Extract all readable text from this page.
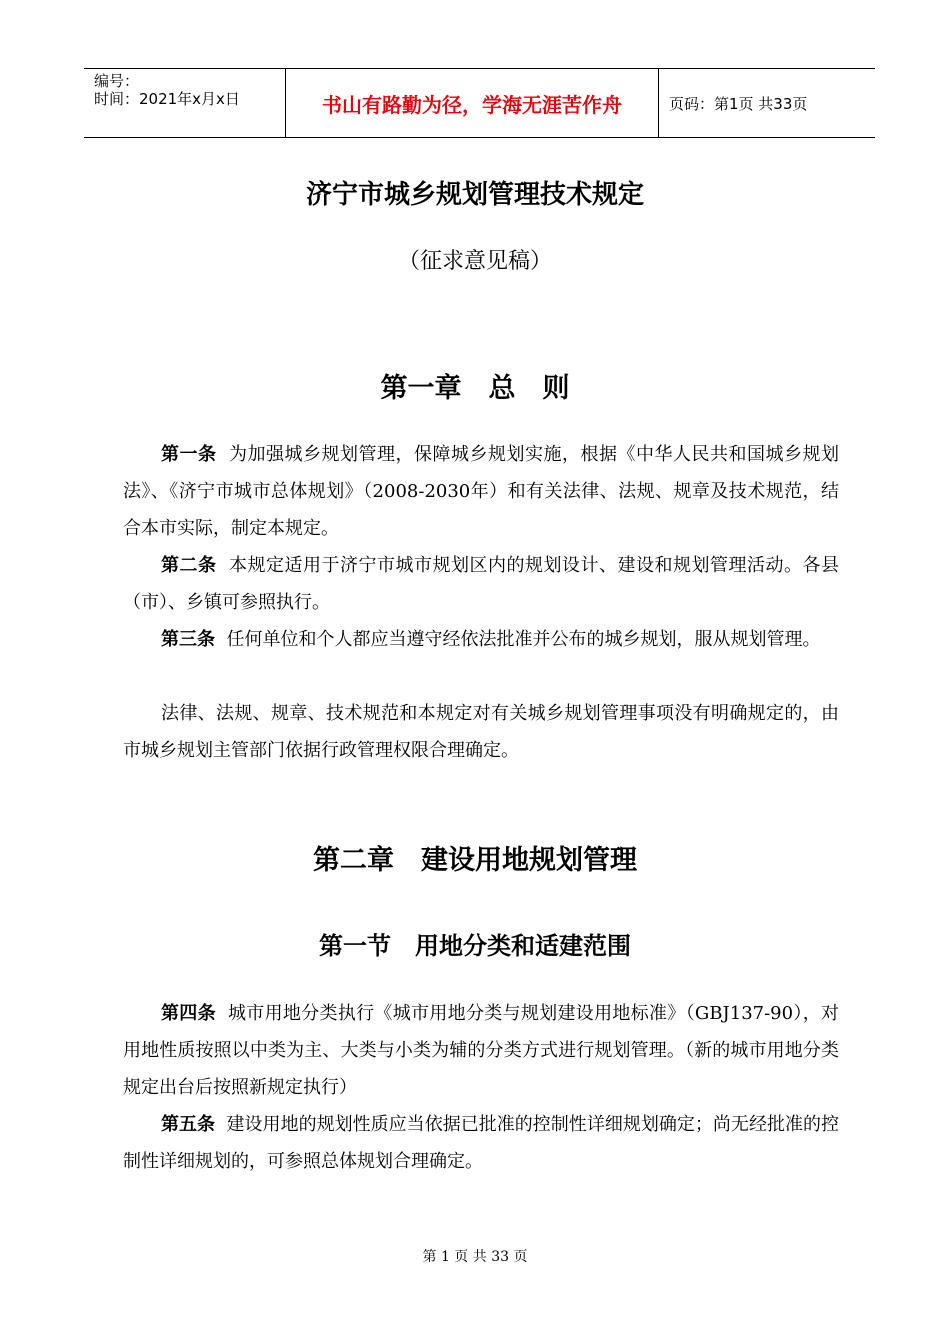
编号：
时间：2021年x月x日	书山有路勤为径，学海无涯苦作舟	页码：第1页 共33页
济宁市城乡规划管理技术规定
（征求意见稿）
第一章　总　则
第一条 为加强城乡规划管理，保障城乡规划实施，根据《中华人民共和国城乡规划法》、《济宁市城市总体规划》（2008-2030年）和有关法律、法规、规章及技术规范，结合本市实际，制定本规定。
第二条 本规定适用于济宁市城市规划区内的规划设计、建设和规划管理活动。各县（市）、乡镇可参照执行。
第三条 任何单位和个人都应当遵守经依法批准并公布的城乡规划，服从规划管理。
法律、法规、规章、技术规范和本规定对有关城乡规划管理事项没有明确规定的，由市城乡规划主管部门依据行政管理权限合理确定。
第二章　建设用地规划管理
第一节　用地分类和适建范围
第四条 城市用地分类执行《城市用地分类与规划建设用地标准》（GBJ137-90），对用地性质按照以中类为主、大类与小类为辅的分类方式进行规划管理。（新的城市用地分类规定出台后按照新规定执行）
第五条 建设用地的规划性质应当依据已批准的控制性详细规划确定；尚无经批准的控制性详细规划的，可参照总体规划合理确定。
第 1 页 共 33 页
